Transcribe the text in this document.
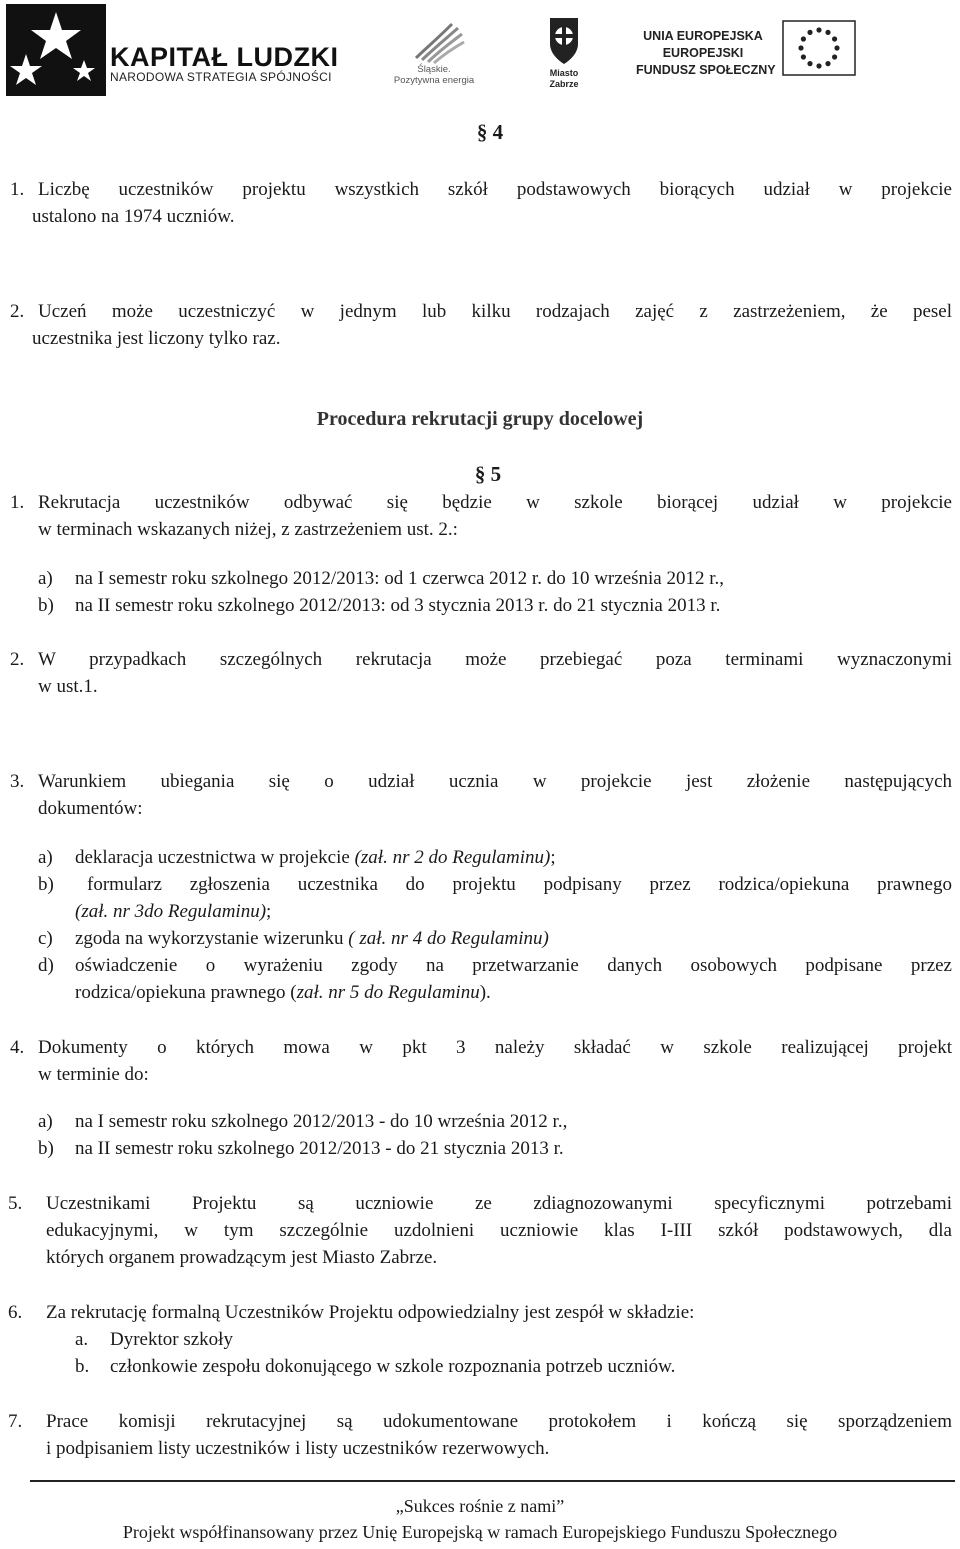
KAPITAŁ LUDZKI
NARODOWA STRATEGIA SPÓJNOŚCI
Śląskie.
Pozytywna energia
Miasto
Zabrze
UNIA EUROPEJSKA
EUROPEJSKI
FUNDUSZ SPOŁECZNY
§ 4
1. Liczbę uczestników projektu wszystkich szkół podstawowych biorących udział w projekcie
ustalono na 1974 uczniów.
2. Uczeń może uczestniczyć w jednym lub kilku rodzajach zajęć z zastrzeżeniem, że pesel
uczestnika jest liczony tylko raz.
Procedura rekrutacji grupy docelowej
§ 5
1. Rekrutacja uczestników odbywać się będzie w szkole biorącej udział w projekcie
w terminach wskazanych niżej, z zastrzeżeniem ust. 2.:
a) na I semestr roku szkolnego 2012/2013: od 1 czerwca 2012 r. do 10 września 2012 r.,
b) na II semestr roku szkolnego 2012/2013: od 3 stycznia 2013 r. do 21 stycznia 2013 r.
2. W przypadkach szczególnych rekrutacja może przebiegać poza terminami wyznaczonymi
w ust.1.
3. Warunkiem ubiegania się o udział ucznia w projekcie jest złożenie następujących
dokumentów:
a) deklaracja uczestnictwa w projekcie (zał. nr 2 do Regulaminu);
b) formularz zgłoszenia uczestnika do projektu podpisany przez rodzica/opiekuna prawnego
(zał. nr 3do Regulaminu);
c) zgoda na wykorzystanie wizerunku ( zał. nr 4 do Regulaminu)
d) oświadczenie o wyrażeniu zgody na przetwarzanie danych osobowych podpisane przez
rodzica/opiekuna prawnego (zał. nr 5 do Regulaminu).
4. Dokumenty o których mowa w pkt 3 należy składać w szkole realizującej projekt
w terminie do:
a) na I semestr roku szkolnego 2012/2013 - do 10 września 2012 r.,
b) na II semestr roku szkolnego 2012/2013 - do 21 stycznia 2013 r.
5. Uczestnikami Projektu są uczniowie ze zdiagnozowanymi specyficznymi potrzebami
edukacyjnymi, w tym szczególnie uzdolnieni uczniowie klas I-III szkół podstawowych, dla
których organem prowadzącym jest Miasto Zabrze.
6. Za rekrutację formalną Uczestników Projektu odpowiedzialny jest zespół w składzie:
a. Dyrektor szkoły
b. członkowie zespołu dokonującego w szkole rozpoznania potrzeb uczniów.
7. Prace komisji rekrutacyjnej są udokumentowane protokołem i kończą się sporządzeniem
i podpisaniem listy uczestników i listy uczestników rezerwowych.
„Sukces rośnie z nami”
Projekt współfinansowany przez Unię Europejską w ramach Europejskiego Funduszu Społecznego
